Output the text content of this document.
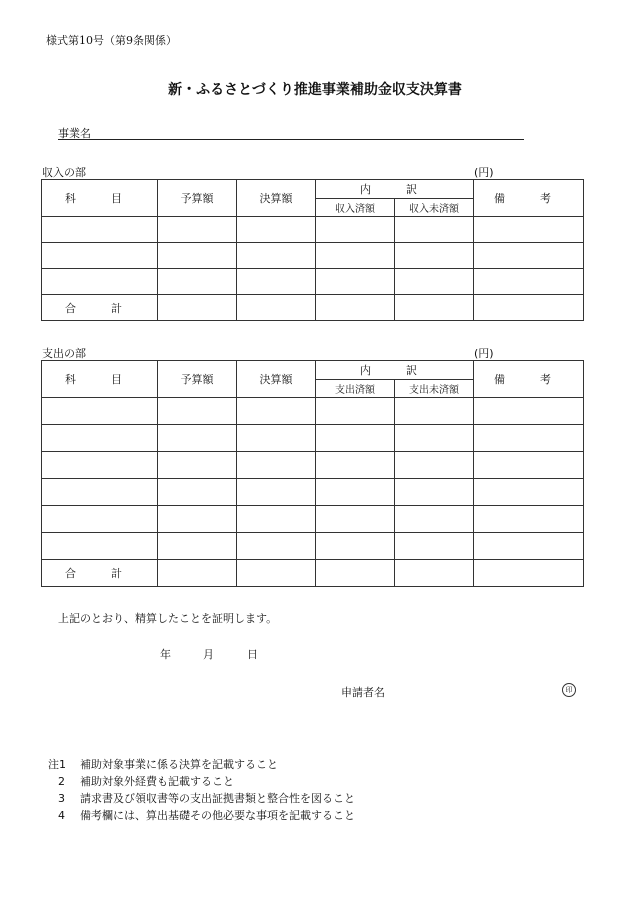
様式第10号（第9条関係）
新・ふるさとづくり推進事業補助金収支決算書
事業名
収入の部	(円)
科　目	予算額	決算額	内　訳		備　考
			収入済額	収入未済額	

合　計					
支出の部	(円)
科　目	予算額	決算額	内　訳		備　考
			支出済額	支出未済額	

合　計					
上記のとおり、精算したことを証明します。
年	月	日
申請者名	印
注1	補助対象事業に係る決算を記載すること
2	補助対象外経費も記載すること
3	請求書及び領収書等の支出証拠書類と整合性を図ること
4	備考欄には、算出基礎その他必要な事項を記載すること
